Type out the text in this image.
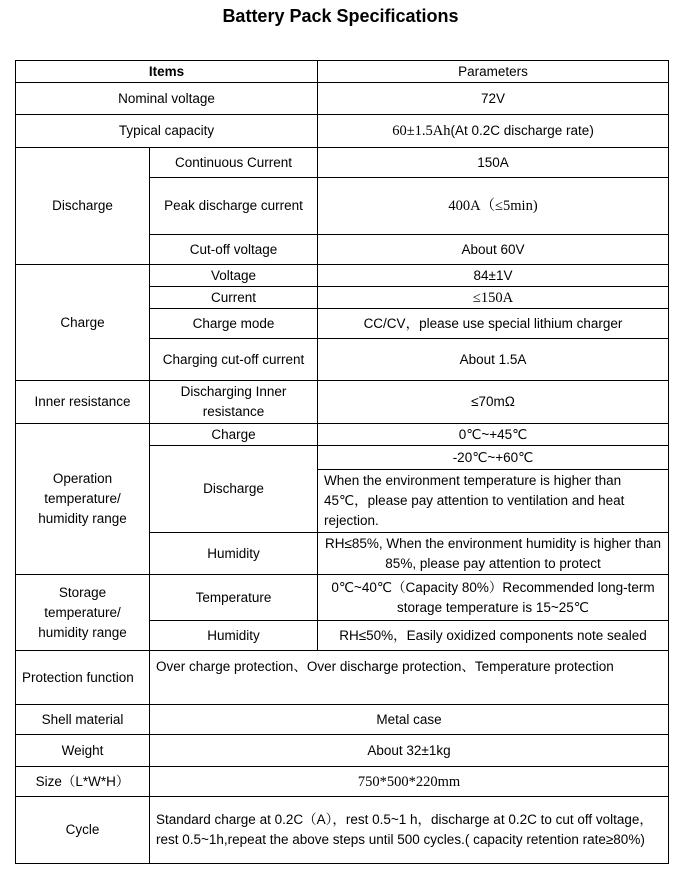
Battery Pack Specifications
Items		Parameters
Nominal voltage		72V
Typical capacity		60±1.5Ah(At 0.2C discharge rate)
Discharge	Continuous Current	150A
	Peak discharge current	400A（≤5min)
	Cut-off voltage	About 60V
Charge	Voltage	84±1V
	Current	≤150A
	Charge mode	CC/CV，please use special lithium charger
	Charging cut-off current	About 1.5A
Inner resistance	Discharging Inner resistance	≤70mΩ
Operation temperature/ humidity range	Charge	0℃~+45℃
	Discharge	-20℃~+60℃
		When the environment temperature is higher than 45℃，please pay attention to ventilation and heat rejection.
	Humidity	RH≤85%, When the environment humidity is higher than 85%, please pay attention to protect
Storage temperature/ humidity range	Temperature	0℃~40℃（Capacity 80%）Recommended long-term storage temperature is 15~25℃
	Humidity	RH≤50%，Easily oxidized components note sealed
Protection function	Over charge protection、Over discharge protection、Temperature protection	
Shell material	Metal case	
Weight	About 32±1kg	
Size（L*W*H）	750*500*220mm	
Cycle	Standard charge at 0.2C（A），rest 0.5~1 h，discharge at 0.2C to cut off voltage，rest 0.5~1h,repeat the above steps until 500 cycles.( capacity retention rate≥80%)	
